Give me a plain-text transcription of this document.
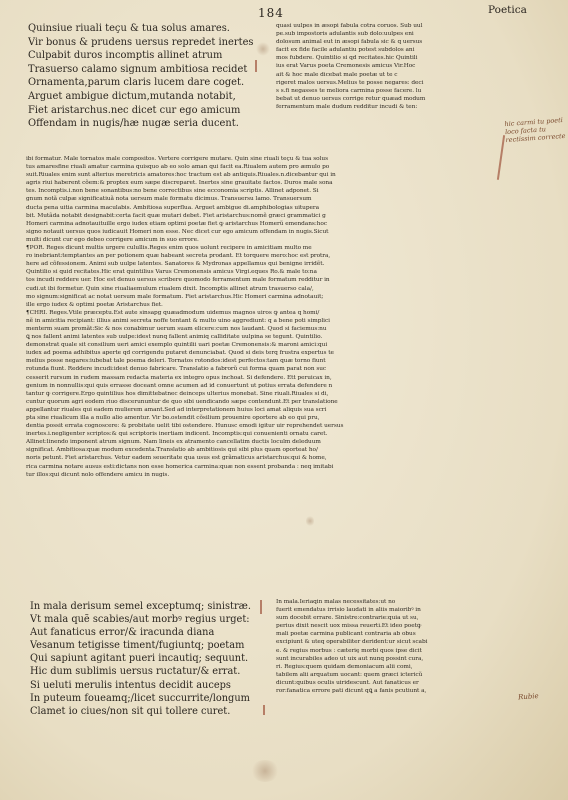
184	Poetica
Quinsiue riuali teçu & tua solus amares.
Vir bonus & prudens uersus repredet inertes
Culpabit duros incomptis allinet atrum
Trasuerso calamo signum ambitiosa recidet
Ornamenta,parum claris lucem dare coget.
Arguet ambigue dictum,mutanda notabit,
Fiet aristarchus.nec dicet cur ego amicum
Offendam in nugis/hæ nugæ seria ducent.
quasi uulpes in æsopi fabula cotra coruos. Sub uul
pe.sub impostoris adulantis sub dolo:uulpes eni
dolosum animal eut in æsopi fabula sic & q uersus
facit ex fide facile adulantiu potest subdolos ani
mos fubdere. Quintilio si qd recitates.hic Quintili
ius erat Varus poeta Cremonesis amicus Vir.Hoc
ait & hoc male dicebat male poetæ ut te c
rigeret malos uersus.Melius te posse negares: deci
s s.fi negasses te meliora carmina posse facere. lu
bebat ut denuo uersus corrige retur quæad modum
ferramentum male dudum redditur incudi & ten:
ibi formatur. Male tornatos male compositos. Vertere corrigere mutare. Quin sine riuali teçu & tua solus
tus amaresfine riuali amatur carmina quisquo ab eo solo aman qui facit ea.Riualem autem pro æmulo po
suit.Riuales enim sunt alterius meretricis amatores:hoc tractum est ab antiquis.Riuales.n.dicebantur qui in
agris riui haberent cõem:& proptex eum sæpe discreparet. Inertes sine grauitate factos. Duros male sona
tes. Incomptis.i.non bene sonantibus:no bene correctibus sine ecconomia scriptis. Allinet adponet. Si
gnum notã culpæ significatiuã nota uersum male formatu dicimus. Transuersu lamo. Transuersum
ducta pena uitia carmina maculabis. Ambitiosa superflua. Arguet ambigue di.amphibologias uitupera
bit. Mutãda notabit designabit:certa facit quæ mutari debet. Fiet aristarchus:nomẽ græci grammatici g
Homeri carmina adnotauituille ergo iudex etiam optimi poetæ fiet ꝙ aristarchus Homerũ emendans:hoc
signo notauit uersus quos iudicauit Homeri non esse. Nec dicet cur ego amicum offendam in nugis.Sicut
multi dicunt cur ego debeo corrigere amicum in suo errore.
¶POR. Reges dicunt multis urgere culullis.Reges enim quos uolunt recipere in amicitiam multo me
ro inebriant:temptantes an per potionem quæ habeant secreta prodant. Et torquere mero:hoc est protra,
here ad cõfessionem. Animi sub uulpe latentes. Sanatores & Mydronas appellamus qui benigne irridẽt.
Quintilio si quid recitates.Hic erat quintilius Varus Cremonensis amicus Virgi.eques Ro.& male to:na
tos incudi reddere uer. Hoc est denuo uersus scribere quomodo ferramentum male formatum redditur in
cudi.ut ibi formetur. Quin sine riualiaemulum riualem dixit. Incomptis allinet atrum trasuerso cala/,
mo signum:significat ac notat uersum male formatum. Fiet aristarchus.Hic Homeri carmina adnotauit;
ille ergo iudex & optimi poetæ Aristarchus fiet.
¶CHRI. Reges.Vtile præceptu.Est aute sinsapg quæadmodum uidemus magnos uiros ꝙ antea q homi/
nẽ in amicitia recipiant: illius animi secreta noffe tentant & multo uino aggrediunt: q a bene poti simplici
menterm suam promãt:Sic & nos conabimur uerum suam elicere:cum nos laudant. Quod si faciemus:nu
ꝗ nos fallent animi latentes sub uulpe:idest nunq fallent animiq calliditate uulpina se tegunt. Quintilio.
demonstrat quale sit consilium ueri amici exemplo quintilii uari poetæ Cremonensis:& maroni amici:qui
iudex ad poema adhibitus aperte qd corrigendu putaret denunciabat. Quod si deis terq frustra expertus te
melius posse negares:iubebat tale poema deleri. Tornatos rotondos:idest perfectos:tam quæ torno fiunt
rotunda fiunt. Reddere incudi:idest denuo fabricare. Translatio a fabrorũ cui forma quam parat non suc
cesserit rursum in rudem massam redacta materia ex integro opus inchoat. Si defendere. Ett peruicax in,
genium in nonnullis:qui quis errasse doceant omne acumen ad id conuertunt ut potius errata defendere n
tantur ꝙ corrigere.Ergo quintilius hos dimittebatnec deinceps ulterius monebat. Sine riuali.Riuales si di,
cuntur quorum agri eodem riuo discerununtur de quo sibi uendicando sæpe contendunt.Et per translatione
appellantur riuales qui eadem mulierem amant.Sed ad interpretationem huius loci amat aliquis sua scri
pta sine riualicum illa a nullo alio amentur. Vir bo.ostendit cõsilium prouenire oportere ab eo qui pru,
dentia possit errata cognoscere: & probitate uelit tibi ostendere. Hunusc emodi igitur uir reprehendet uersus
inertes.i.negligenter scriptos:& qui scriptoris inertiam indicent. Incomptis:qui conuenienti ornatu caret.
Allinet:linendo imponent atrum signum. Nam lineis ex atramento cancellatim ductis loculm deleduum
significat. Ambitiosa:quæ modum excedenta.Translatio ab ambitiosis qui sibi plus quam oporteat ho/
noris petunt. Fiet aristarchus. Vetur eadem seueritate qua usus est grãmaticus aristarchus:qui & home,
rica carmina notare ausus esti:dictans non esse homerica carmina:quæ non essent probanda : neq imitabi
tur illos:qui dicunt nolo offendere amicu in nugis.
In mala derisum semel exceptumq; sinistræ.
Vt mala quẽ scabies/aut morbꝰ regius urget:
Aut fanaticus error/& iracunda diana
Vesanum tetigisse timent/fugiuntq; poetam
Qui sapiunt agitant pueri incautiq; sequunt.
Hic dum sublimis uersus ructatur/& errat.
Si ueluti merulis intentus decidit auceps
In puteum foueamq;/licet succurrite/longum
Clamet io ciues/non sit qui tollere curet.
In mala.Ieriaqin malas necessitates:ut no
fuerit emendatus irrisio laudati in aliis maioribꝰ in
sum docebit errare. Sinistre:contrarie:quia ut su,
perius dixit nescit uox missa reuerti.Et ideo poetꝙ
mali poetæ carmina publicant contraria ab obus
excipiunt & uteq operabiliter derident:ur sicut scabi
e. & regius morbus : cæterię morbi quos ipse dicit
sunt incurabiles adeo ut uix aut nunq possint cura,
ri. Regius:quem quidam demoniacum alii comi,
tabilem alii arquatum uocant: quem græci ictericũ
dicunt:quibus oculis uiridescunt. Aut fanaticus er
ror:fanatica errore pati dicunt qꝗ a fanis pcutiunt a,
hic carmi tu poeti loco facta tu rectissim correcte
Rubie
